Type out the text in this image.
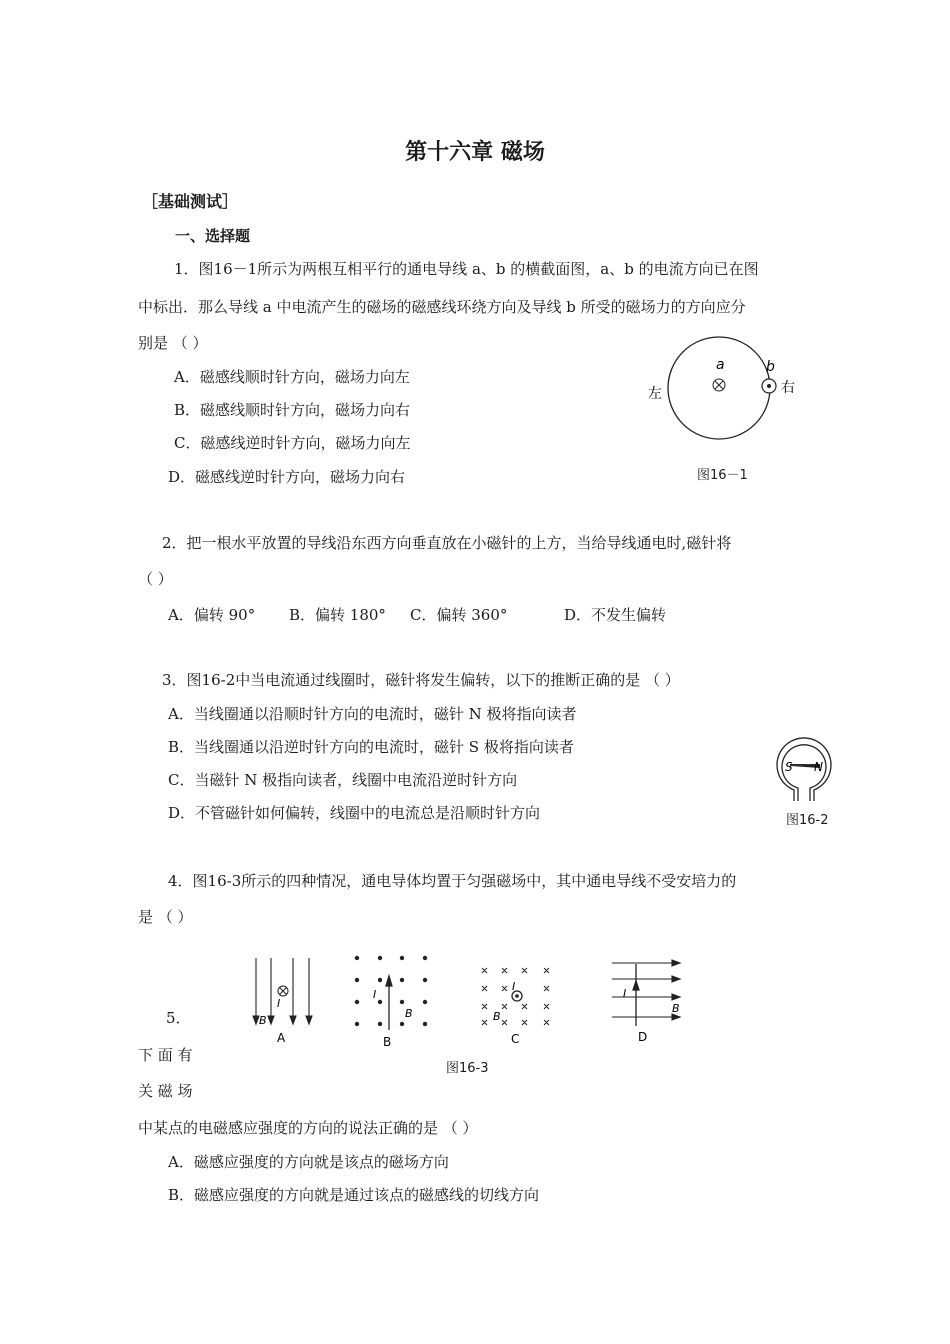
第十六章 磁场
［基础测试］
一、选择题
1．图16－1所示为两根互相平行的通电导线 a、b 的横截面图，a、b 的电流方向已在图
中标出．那么导线 a 中电流产生的磁场的磁感线环绕方向及导线 b 所受的磁场力的方向应分
别是 （ ）
A．磁感线顺时针方向，磁场力向左
B．磁感线顺时针方向，磁场力向右
C．磁感线逆时针方向，磁场力向左
D．磁感线逆时针方向，磁场力向右
a	b
左	右
图16－1
2．把一根水平放置的导线沿东西方向垂直放在小磁针的上方，当给导线通电时,磁针将
（ ）
A．偏转 90° B．偏转 180° C．偏转 360°	D．不发生偏转
3．图16-2中当电流通过线圈时，磁针将发生偏转，以下的推断正确的是 （ ）
A．当线圈通以沿顺时针方向的电流时，磁针 N 极将指向读者
B．当线圈通以沿逆时针方向的电流时，磁针 S 极将指向读者
C．当磁针 N 极指向读者，线圈中电流沿逆时针方向
D．不管磁针如何偏转，线圈中的电流总是沿顺时针方向
S N
图16-2
4．图16-3所示的四种情况，通电导体均置于匀强磁场中，其中通电导线不受安培力的
是 （ ）
I
B
A
I
B
B
I
B
C
I
B
D
图16-3
5．
下 面 有
关 磁 场
中某点的电磁感应强度的方向的说法正确的是 （ ）
A．磁感应强度的方向就是该点的磁场方向
B．磁感应强度的方向就是通过该点的磁感线的切线方向
